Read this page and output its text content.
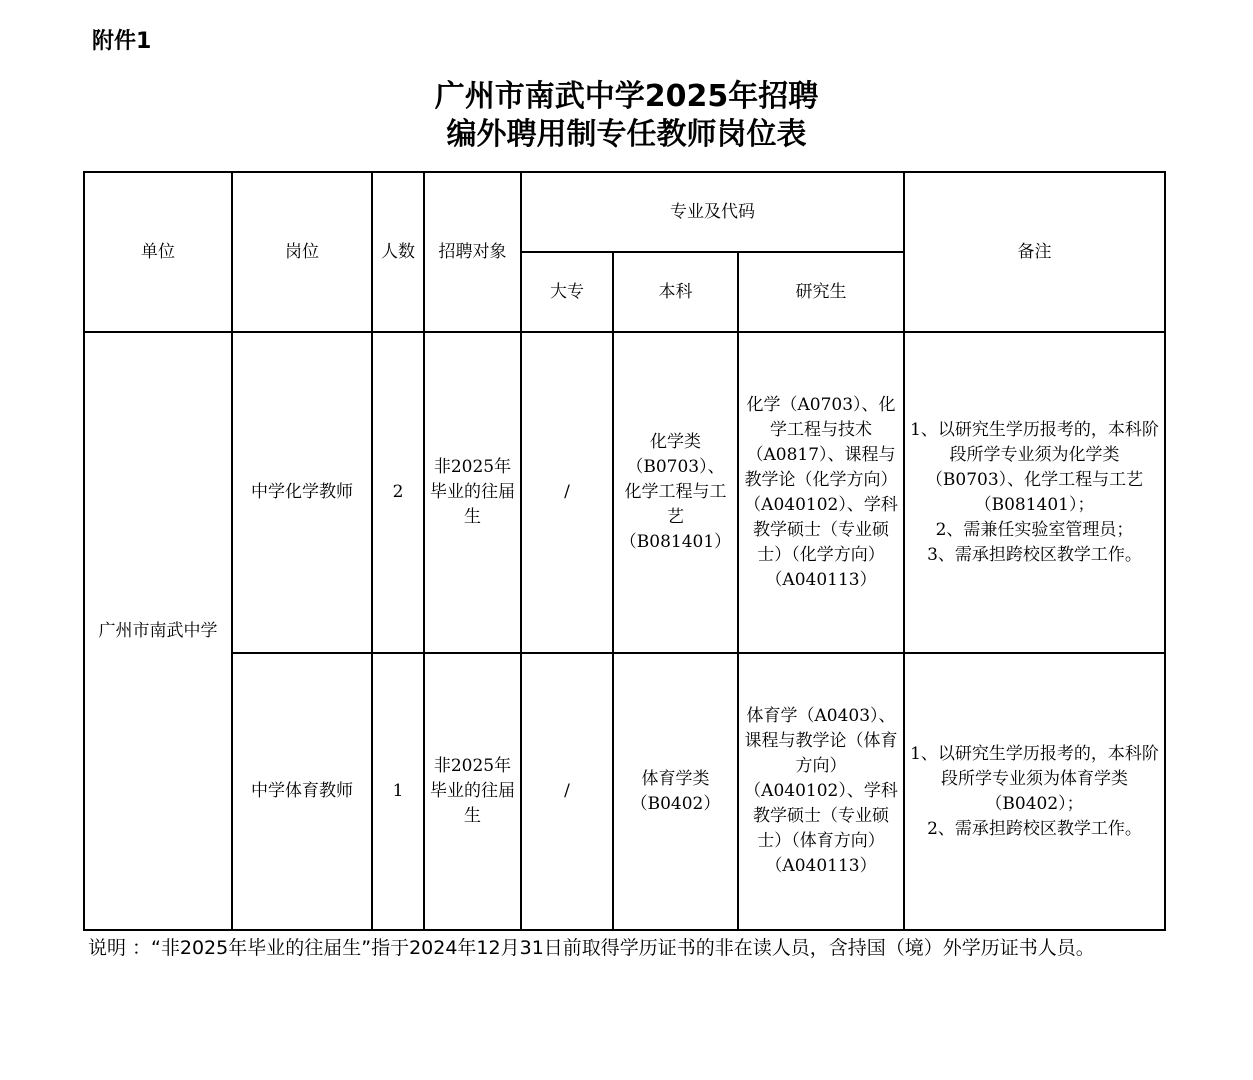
附件1
广州市南武中学2025年招聘
编外聘用制专任教师岗位表
单位	岗位	人数	招聘对象	专业及代码			备注
				大专	本科	研究生	
广州市南武中学	中学化学教师	2	非2025年毕业的往届生	/	化学类（B0703）、化学工程与工艺（B081401）	化学（A0703）、化学工程与技术（A0817）、课程与教学论（化学方向）（A040102）、学科教学硕士（专业硕士）（化学方向）（A040113）	1、以研究生学历报考的，本科阶段所学专业须为化学类（B0703）、化学工程与工艺（B081401）；
2、需兼任实验室管理员；
3、需承担跨校区教学工作。

	中学体育教师	1	非2025年毕业的往届生	/	体育学类（B0402）	体育学（A0403）、课程与教学论（体育方向）（A040102）、学科教学硕士（专业硕士）（体育方向）（A040113）	1、以研究生学历报考的，本科阶段所学专业须为体育学类（B0402）；
2、需承担跨校区教学工作。
说明 ：“非2025年毕业的往届生”指于2024年12月31日前取得学历证书的非在读人员，含持国（境）外学历证书人员。
